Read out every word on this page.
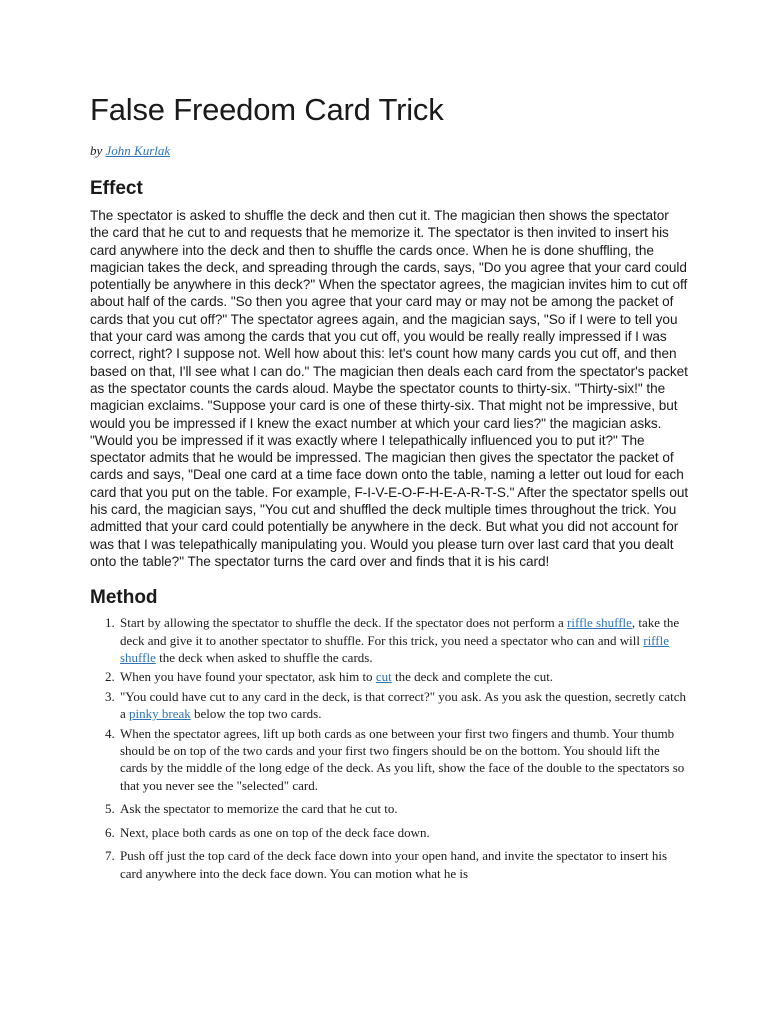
False Freedom Card Trick
by John Kurlak
Effect

The spectator is asked to shuffle the deck and then cut it. The magician then shows the spectator the card that he cut to and requests that he memorize it. The spectator is then invited to insert his card anywhere into the deck and then to shuffle the cards once. When he is done shuffling, the magician takes the deck, and spreading through the cards, says, "Do you agree that your card could potentially be anywhere in this deck?" When the spectator agrees, the magician invites him to cut off about half of the cards. "So then you agree that your card may or may not be among the packet of cards that you cut off?" The spectator agrees again, and the magician says, "So if I were to tell you that your card was among the cards that you cut off, you would be really really impressed if I was correct, right? I suppose not. Well how about this: let's count how many cards you cut off, and then based on that, I'll see what I can do." The magician then deals each card from the spectator's packet as the spectator counts the cards aloud. Maybe the spectator counts to thirty-six. "Thirty-six!" the magician exclaims. "Suppose your card is one of these thirty-six. That might not be impressive, but would you be impressed if I knew the exact number at which your card lies?" the magician asks. "Would you be impressed if it was exactly where I telepathically influenced you to put it?" The spectator admits that he would be impressed. The magician then gives the spectator the packet of cards and says, "Deal one card at a time face down onto the table, naming a letter out loud for each card that you put on the table. For example, F-I-V-E-O-F-H-E-A-R-T-S." After the spectator spells out his card, the magician says, "You cut and shuffled the deck multiple times throughout the trick. You admitted that your card could potentially be anywhere in the deck. But what you did not account for was that I was telepathically manipulating you. Would you please turn over last card that you dealt onto the table?" The spectator turns the card over and finds that it is his card!

Method
1. Start by allowing the spectator to shuffle the deck. If the spectator does not perform a riffle shuffle, take the deck and give it to another spectator to shuffle. For this trick, you need a spectator who can and will riffle shuffle the deck when asked to shuffle the cards.
2. When you have found your spectator, ask him to cut the deck and complete the cut.
3. "You could have cut to any card in the deck, is that correct?" you ask. As you ask the question, secretly catch a pinky break below the top two cards.
4. When the spectator agrees, lift up both cards as one between your first two fingers and thumb. Your thumb should be on top of the two cards and your first two fingers should be on the bottom. You should lift the cards by the middle of the long edge of the deck. As you lift, show the face of the double to the spectators so that you never see the "selected" card.
5. Ask the spectator to memorize the card that he cut to.
6. Next, place both cards as one on top of the deck face down.
7. Push off just the top card of the deck face down into your open hand, and invite the spectator to insert his card anywhere into the deck face down. You can motion what he is
